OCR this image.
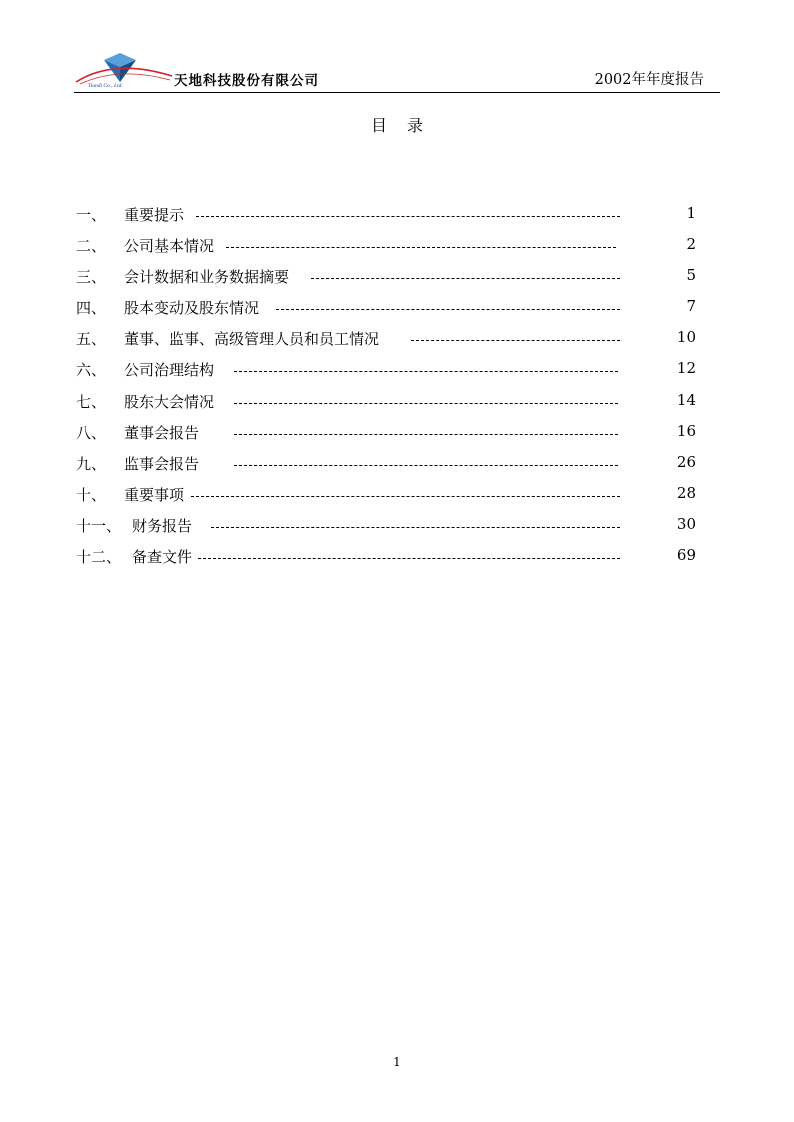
Tiandi Co., Ltd.	天地科技股份有限公司	2002年年度报告
目录
一、 重要提示	1
二、 公司基本情况	2
三、 会计数据和业务数据摘要	5
四、 股本变动及股东情况	7
五、 董事、监事、高级管理人员和员工情况	10
六、 公司治理结构	12
七、 股东大会情况	14
八、 董事会报告	16
九、 监事会报告	26
十、 重要事项	28
十一、 财务报告	30
十二、 备查文件	69
1
